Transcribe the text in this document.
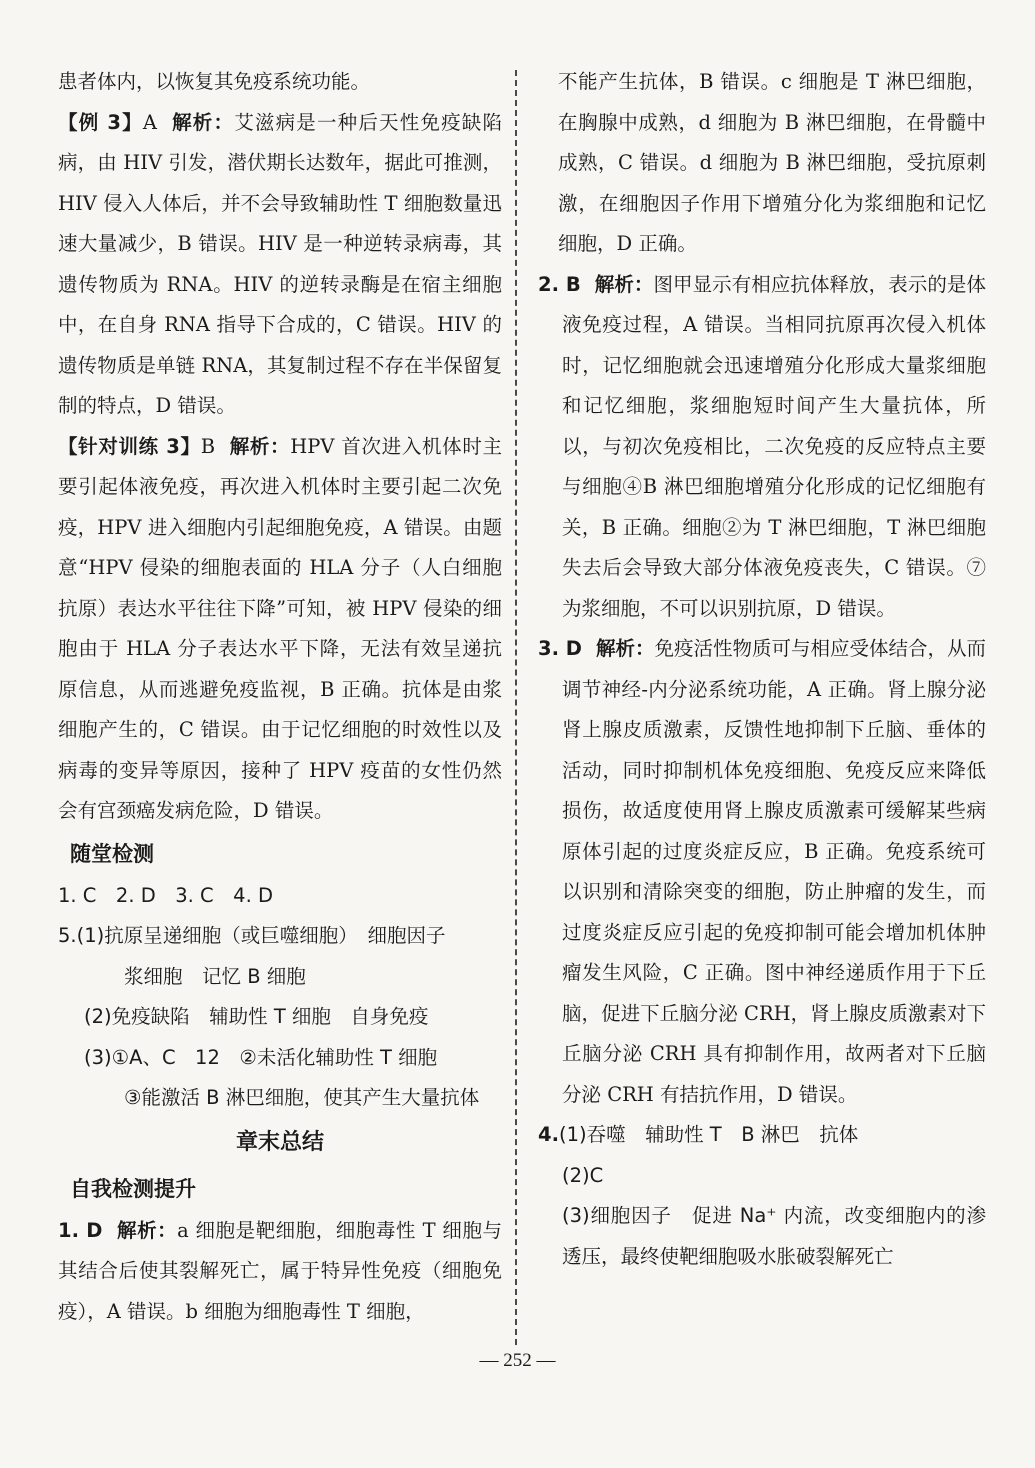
患者体内，以恢复其免疫系统功能。

【例 3】A 解析：艾滋病是一种后天性免疫缺陷病，由 HIV 引发，潜伏期长达数年，据此可推测，HIV 侵入人体后，并不会导致辅助性 T 细胞数量迅速大量减少，B 错误。HIV 是一种逆转录病毒，其遗传物质为 RNA。HIV 的逆转录酶是在宿主细胞中，在自身 RNA 指导下合成的，C 错误。HIV 的遗传物质是单链 RNA，其复制过程不存在半保留复制的特点，D 错误。

【针对训练 3】B 解析：HPV 首次进入机体时主要引起体液免疫，再次进入机体时主要引起二次免疫，HPV 进入细胞内引起细胞免疫，A 错误。由题意“HPV 侵染的细胞表面的 HLA 分子（人白细胞抗原）表达水平往往下降”可知，被 HPV 侵染的细胞由于 HLA 分子表达水平下降，无法有效呈递抗原信息，从而逃避免疫监视，B 正确。抗体是由浆细胞产生的，C 错误。由于记忆细胞的时效性以及病毒的变异等原因，接种了 HPV 疫苗的女性仍然会有宫颈癌发病危险，D 错误。

随堂检测

1. C　2. D　3. C　4. D

5.(1)抗原呈递细胞（或巨噬细胞）　细胞因子

浆细胞　记忆 B 细胞

(2)免疫缺陷　辅助性 T 细胞　自身免疫

(3)①A、C　12　②未活化辅助性 T 细胞

③能激活 B 淋巴细胞，使其产生大量抗体

章末总结
自我检测提升

1. D 解析：a 细胞是靶细胞，细胞毒性 T 细胞与其结合后使其裂解死亡，属于特异性免疫（细胞免疫），A 错误。b 细胞为细胞毒性 T 细胞，

不能产生抗体，B 错误。c 细胞是 T 淋巴细胞，在胸腺中成熟，d 细胞为 B 淋巴细胞，在骨髓中成熟，C 错误。d 细胞为 B 淋巴细胞，受抗原刺激，在细胞因子作用下增殖分化为浆细胞和记忆细胞，D 正确。

2. B 解析：图甲显示有相应抗体释放，表示的是体液免疫过程，A 错误。当相同抗原再次侵入机体时，记忆细胞就会迅速增殖分化形成大量浆细胞和记忆细胞，浆细胞短时间产生大量抗体，所以，与初次免疫相比，二次免疫的反应特点主要与细胞④B 淋巴细胞增殖分化形成的记忆细胞有关，B 正确。细胞②为 T 淋巴细胞，T 淋巴细胞失去后会导致大部分体液免疫丧失，C 错误。⑦为浆细胞，不可以识别抗原，D 错误。

3. D 解析：免疫活性物质可与相应受体结合，从而调节神经-内分泌系统功能，A 正确。肾上腺分泌肾上腺皮质激素，反馈性地抑制下丘脑、垂体的活动，同时抑制机体免疫细胞、免疫反应来降低损伤，故适度使用肾上腺皮质激素可缓解某些病原体引起的过度炎症反应，B 正确。免疫系统可以识别和清除突变的细胞，防止肿瘤的发生，而过度炎症反应引起的免疫抑制可能会增加机体肿瘤发生风险，C 正确。图中神经递质作用于下丘脑，促进下丘脑分泌 CRH，肾上腺皮质激素对下丘脑分泌 CRH 具有抑制作用，故两者对下丘脑分泌 CRH 有拮抗作用，D 错误。

4.(1)吞噬　辅助性 T　B 淋巴　抗体

(2)C

(3)细胞因子　促进 Na⁺ 内流，改变细胞内的渗透压，最终使靶细胞吸水胀破裂解死亡

— 252 —
